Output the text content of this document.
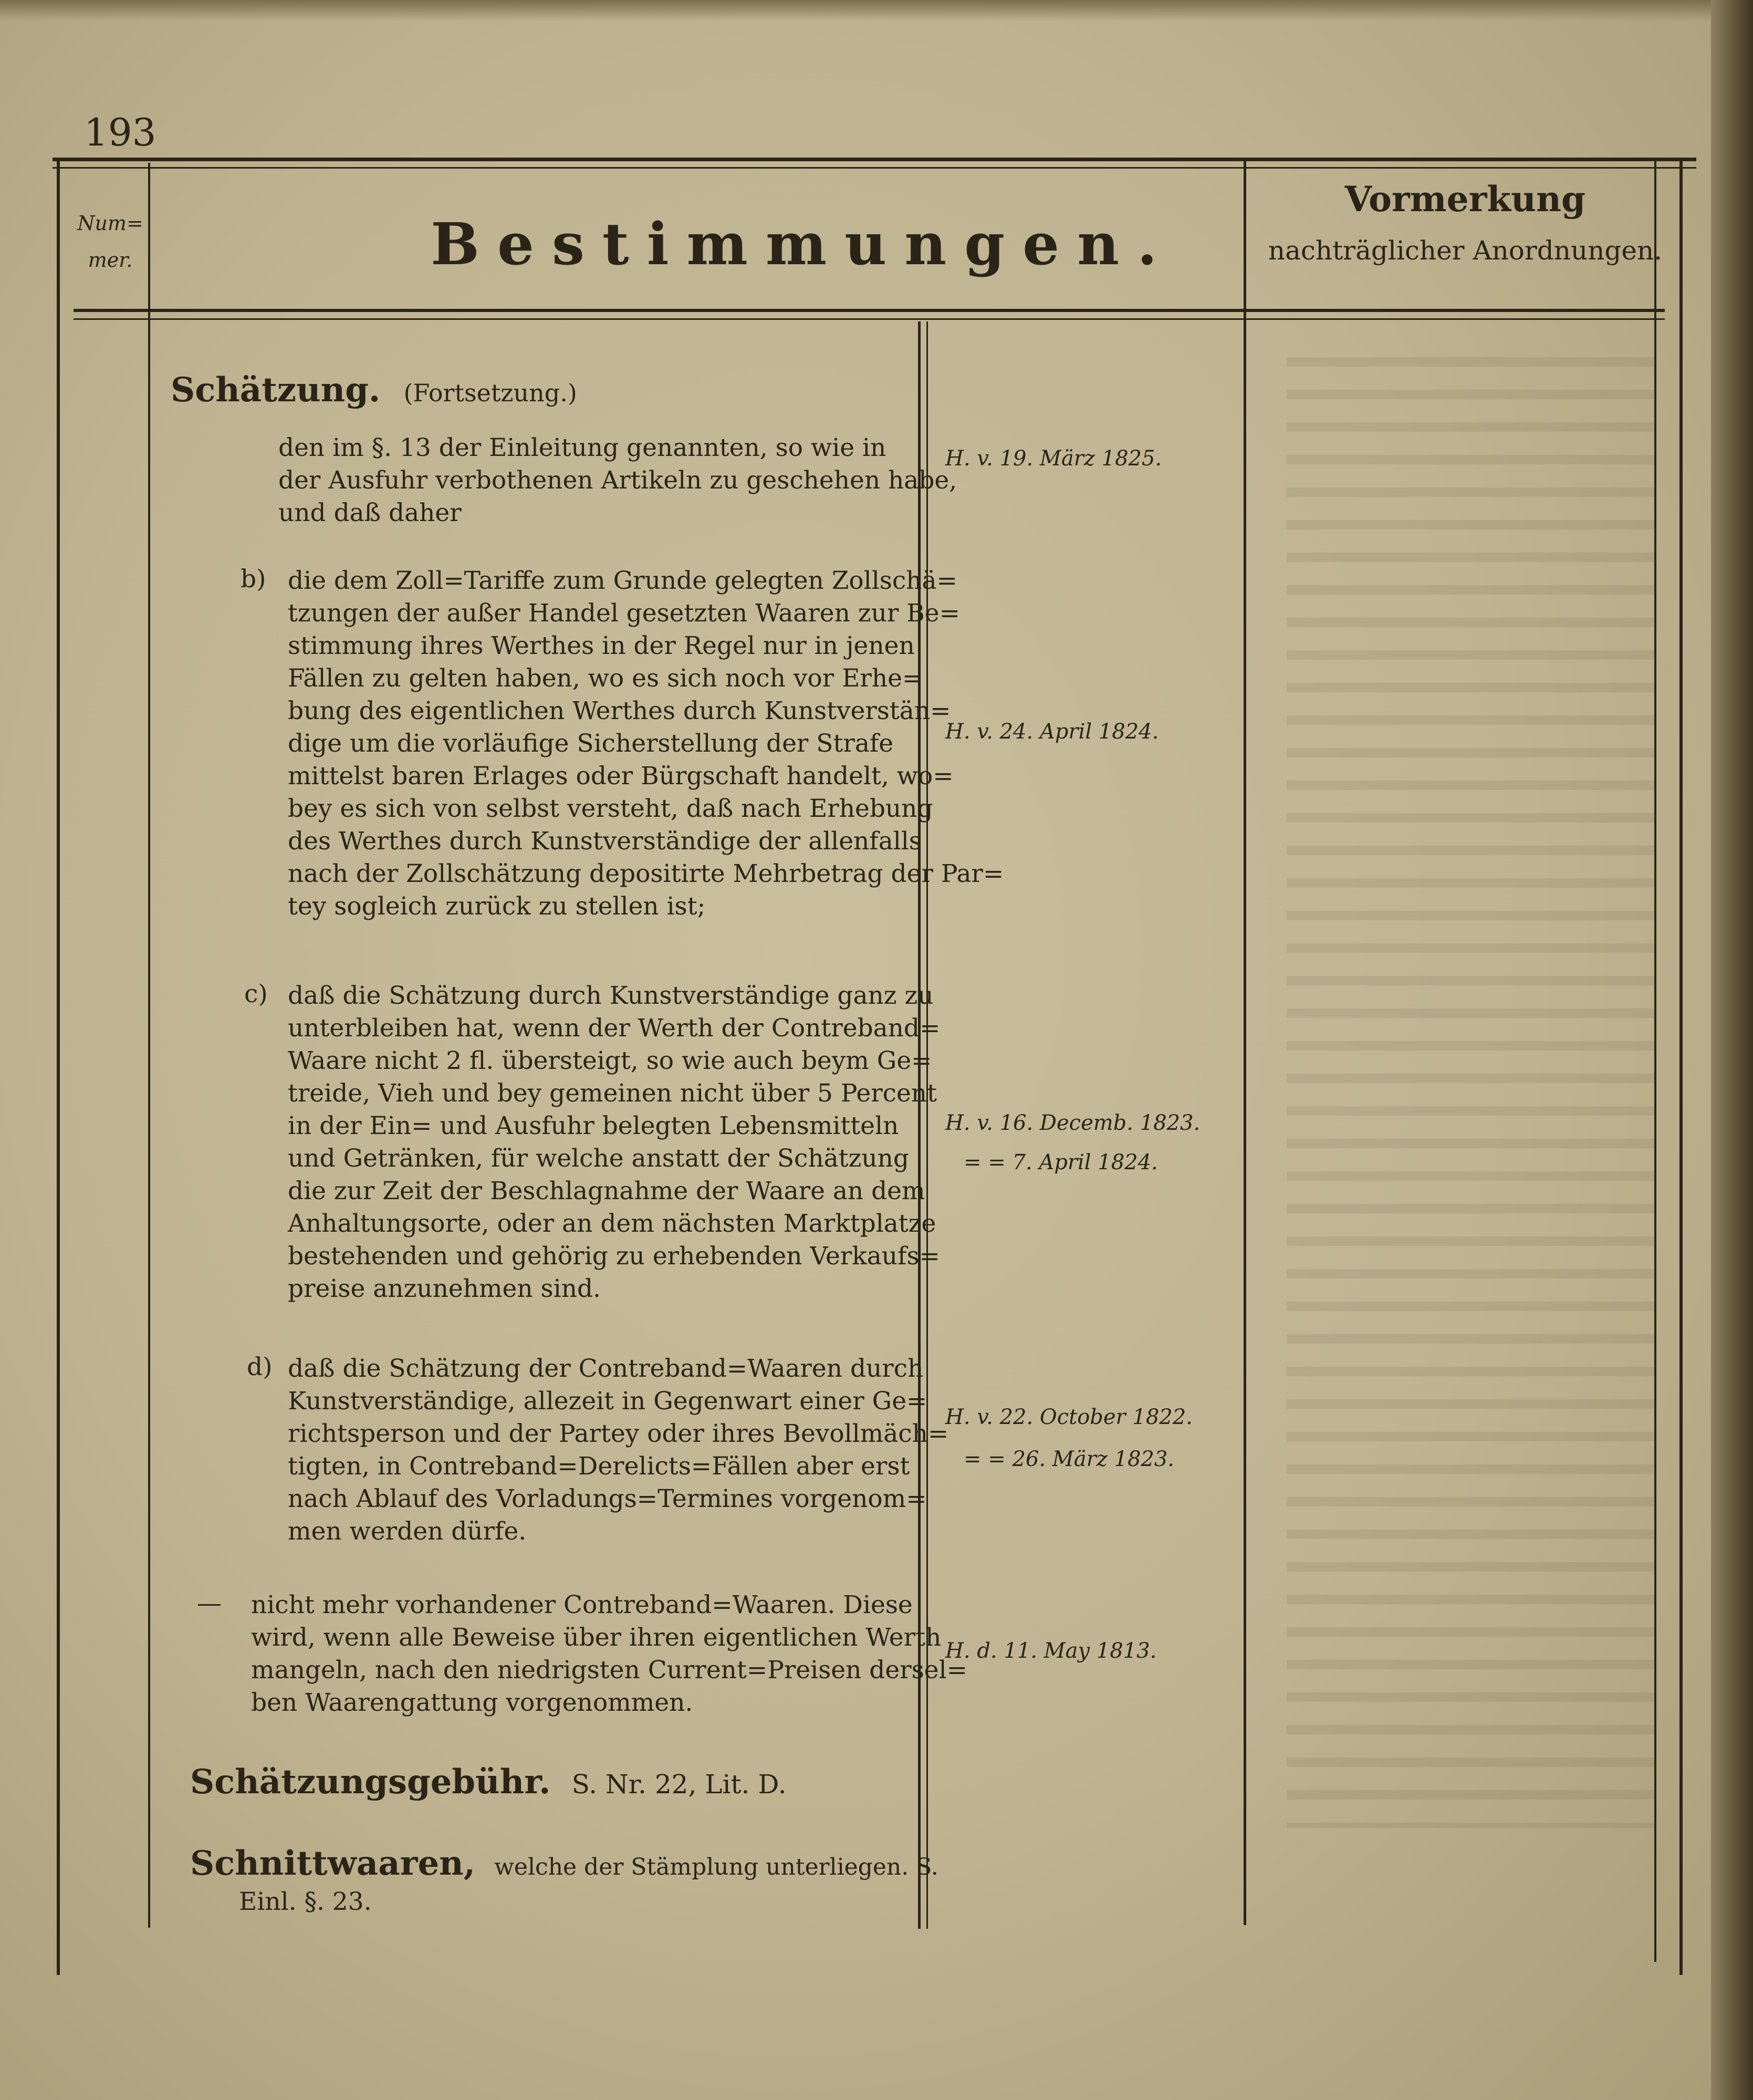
193
Num=
mer.	Bestimmungen.
Vormerkung
nachträglicher Anordnungen.
Schätzung. (Fortsetzung.)
den im §. 13 der Einleitung genannten, so wie in
der Ausfuhr verbothenen Artikeln zu geschehen habe,
und daß daher
b) die dem Zoll=Tariffe zum Grunde gelegten Zollschä=
tzungen der außer Handel gesetzten Waaren zur Be=
stimmung ihres Werthes in der Regel nur in jenen
Fällen zu gelten haben, wo es sich noch vor Erhe=
bung des eigentlichen Werthes durch Kunstverstän=
dige um die vorläufige Sicherstellung der Strafe
mittelst baren Erlages oder Bürgschaft handelt, wo=
bey es sich von selbst versteht, daß nach Erhebung
des Werthes durch Kunstverständige der allenfalls
nach der Zollschätzung depositirte Mehrbetrag der Par=
tey sogleich zurück zu stellen ist;
c) daß die Schätzung durch Kunstverständige ganz zu
unterbleiben hat, wenn der Werth der Contreband=
Waare nicht 2 fl. übersteigt, so wie auch beym Ge=
treide, Vieh und bey gemeinen nicht über 5 Percent
in der Ein= und Ausfuhr belegten Lebensmitteln
und Getränken, für welche anstatt der Schätzung
die zur Zeit der Beschlagnahme der Waare an dem
Anhaltungsorte, oder an dem nächsten Marktplatze
bestehenden und gehörig zu erhebenden Verkaufs=
preise anzunehmen sind.
d) daß die Schätzung der Contreband=Waaren durch
Kunstverständige, allezeit in Gegenwart einer Ge=
richtsperson und der Partey oder ihres Bevollmäch=
tigten, in Contreband=Derelicts=Fällen aber erst
nach Ablauf des Vorladungs=Termines vorgenom=
men werden dürfe.
— nicht mehr vorhandener Contreband=Waaren. Diese
wird, wenn alle Beweise über ihren eigentlichen Werth
mangeln, nach den niedrigsten Current=Preisen dersel=
ben Waarengattung vorgenommen.
Schätzungsgebühr. S. Nr. 22, Lit. D.
Schnittwaaren, welche der Stämplung unterliegen. S.
Einl. §. 23.
H. v. 19. März 1825.
H. v. 24. April 1824.
H. v. 16. Decemb. 1823.
= = 7. April 1824.
H. v. 22. October 1822.
= = 26. März 1823.
H. d. 11. May 1813.
